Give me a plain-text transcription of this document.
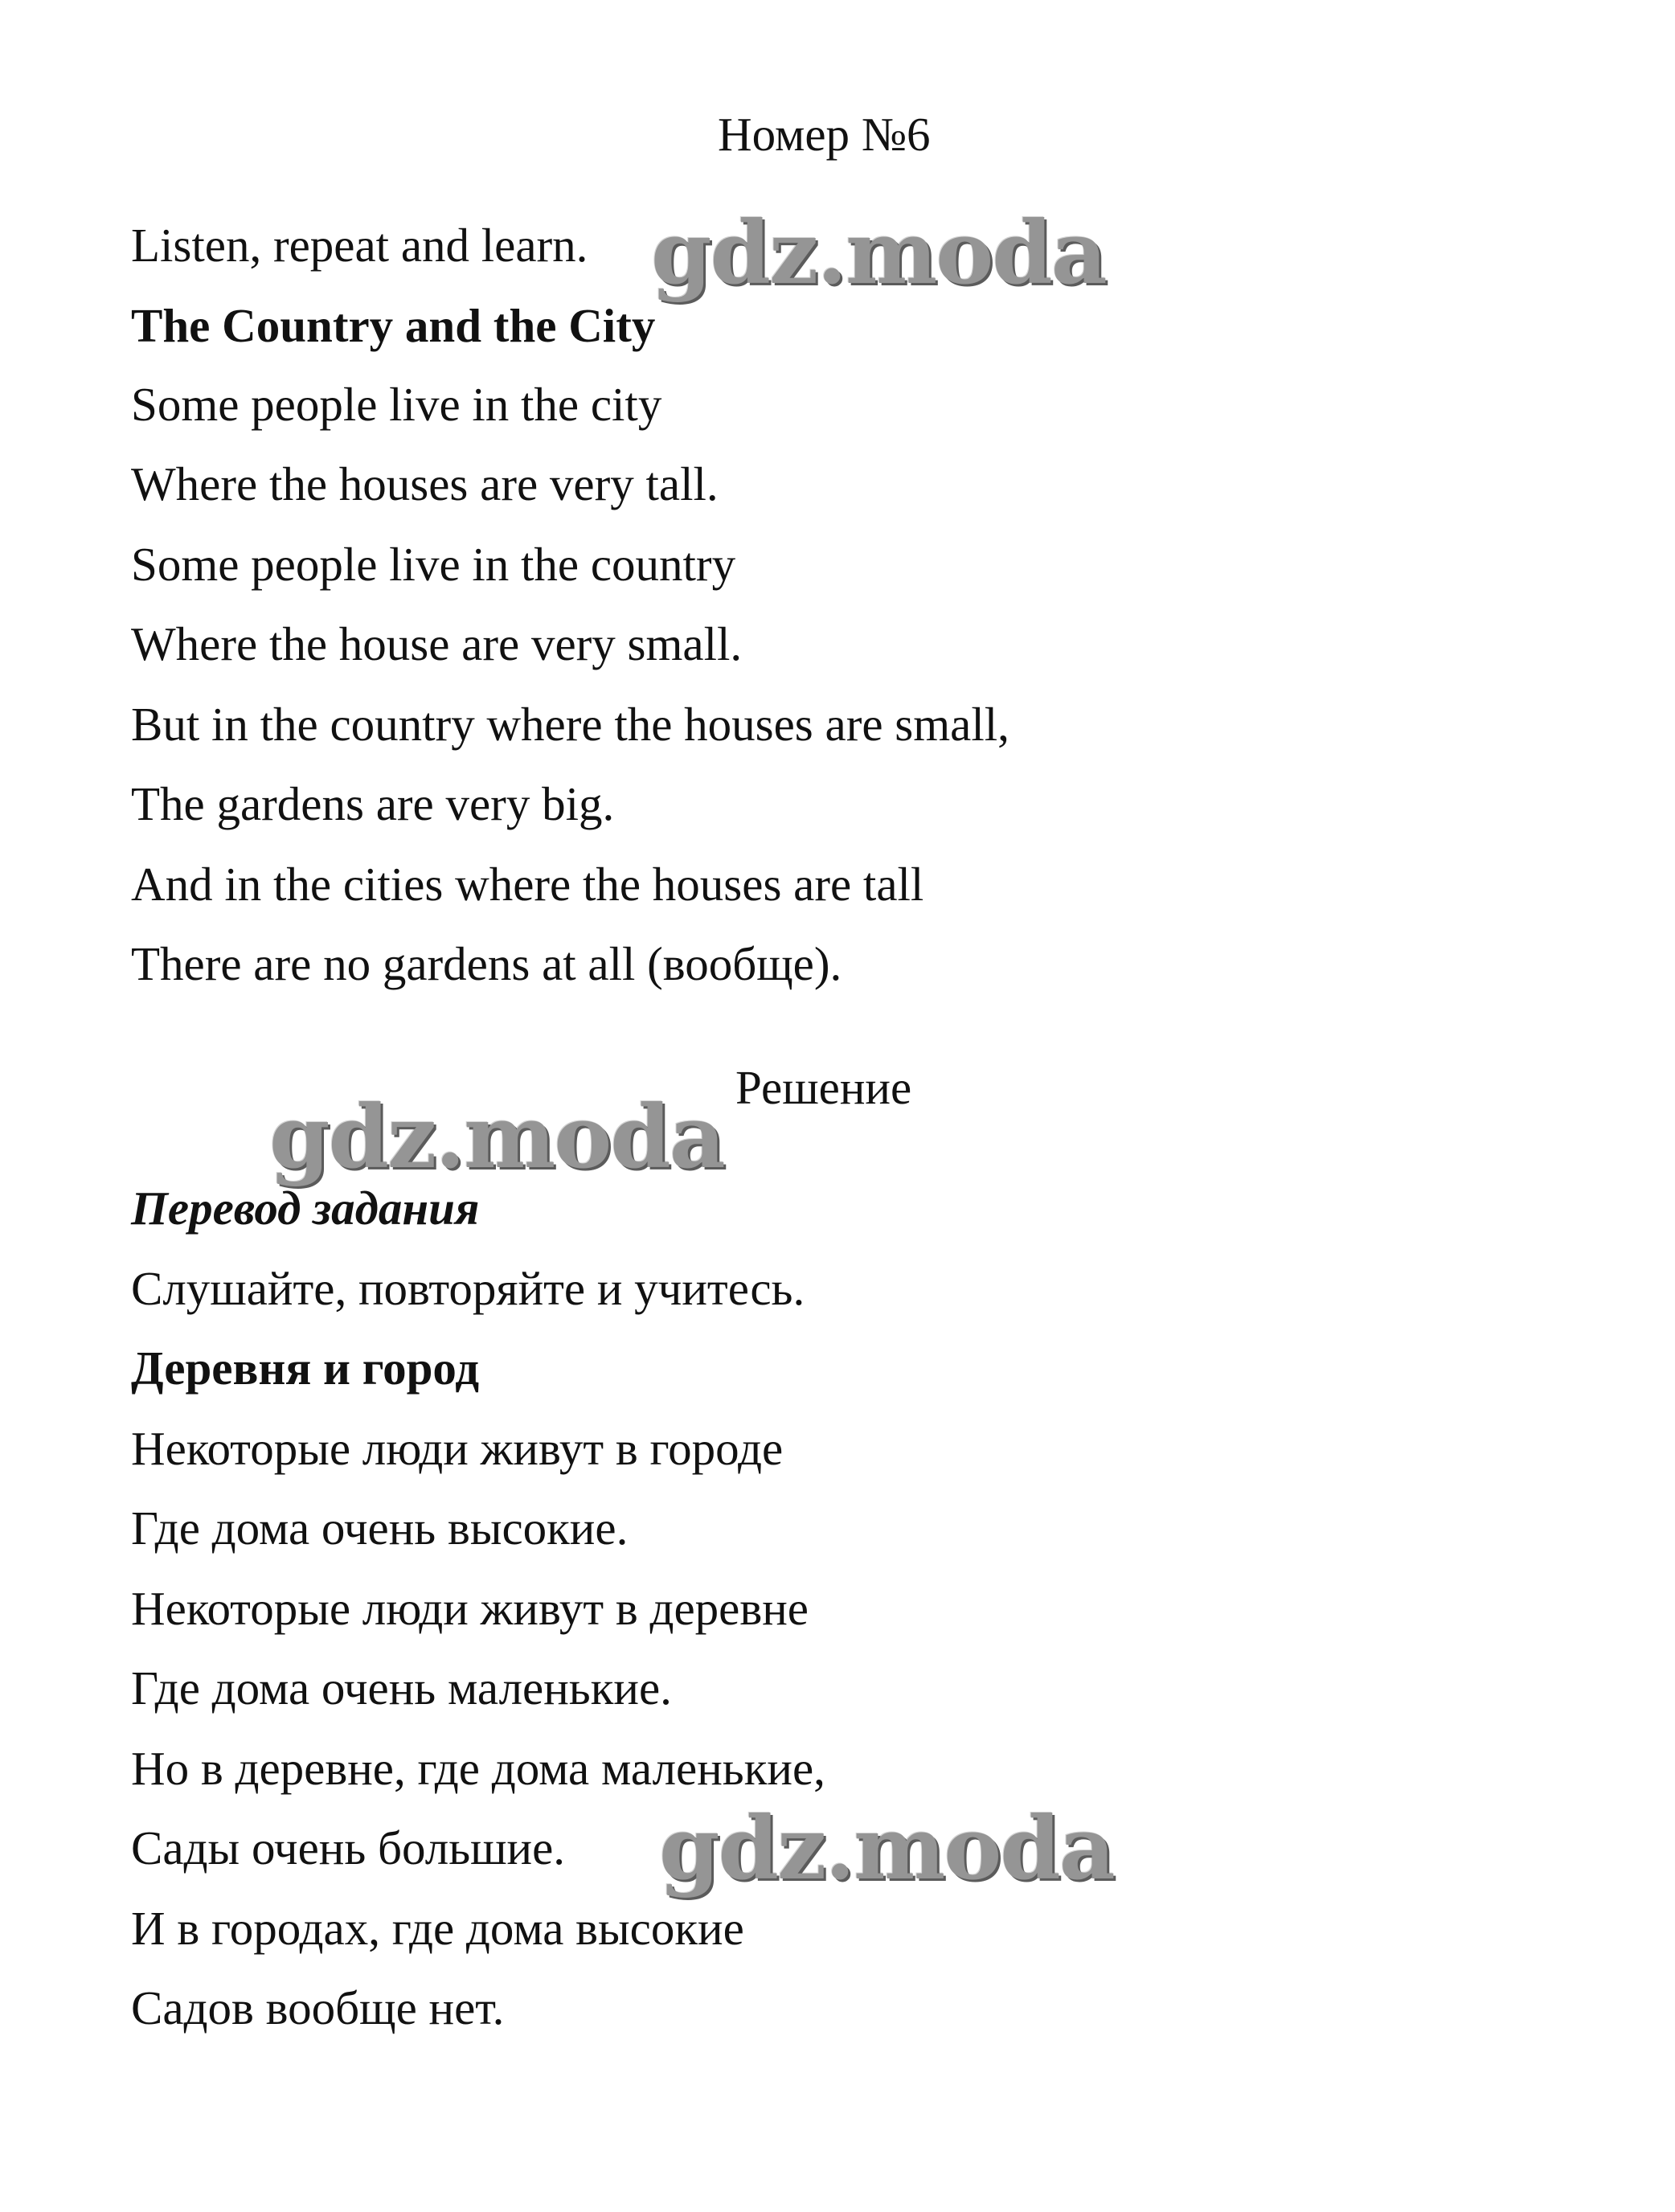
Номер №6
Listen, repeat and learn.
The Country and the City
Some people live in the city
Where the houses are very tall.
Some people live in the country
Where the house are very small.
But in the country where the houses are small,
The gardens are very big.
And in the cities where the houses are tall
There are no gardens at all (вообще).
Решение
Перевод задания
Слушайте, повторяйте и учитесь.
Деревня и город
Некоторые люди живут в городе
Где дома очень высокие.
Некоторые люди живут в деревне
Где дома очень маленькие.
Но в деревне, где дома маленькие,
Сады очень большие.
И в городах, где дома высокие
Садов вообще нет.
gdz.moda
gdz.moda
gdz.moda
